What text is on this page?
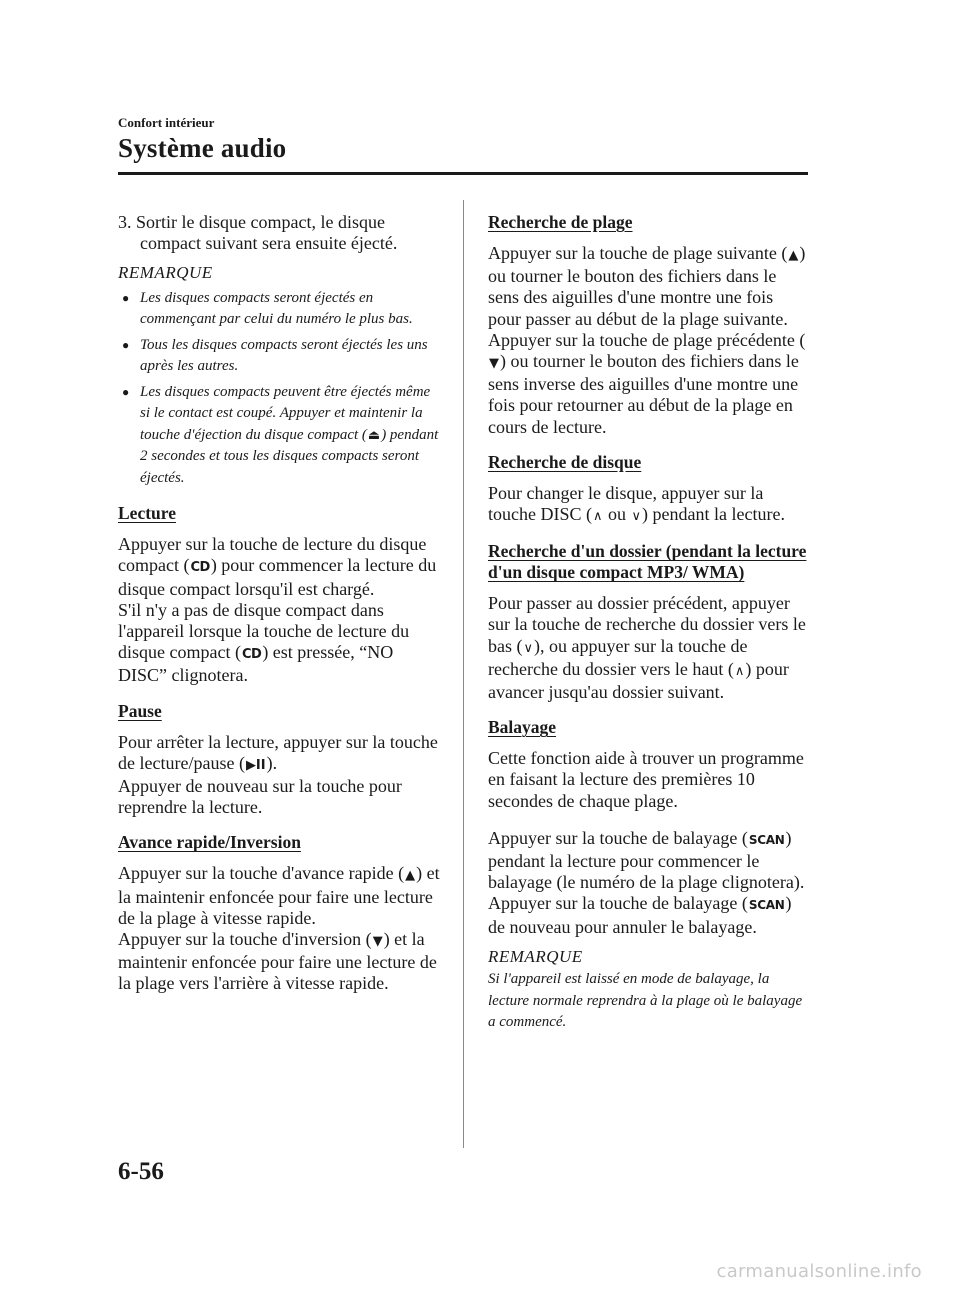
Confort intérieur
Système audio

3. Sortir le disque compact, le disque compact suivant sera ensuite éjecté.

REMARQUE

● Les disques compacts seront éjectés en commençant par celui du numéro le plus bas.
● Tous les disques compacts seront éjectés les uns après les autres.
● Les disques compacts peuvent être éjectés même si le contact est coupé. Appuyer et maintenir la touche d'éjection du disque compact (⏏) pendant 2 secondes et tous les disques compacts seront éjectés.

Lecture

Appuyer sur la touche de lecture du disque compact (CD) pour commencer la lecture du disque compact lorsqu'il est chargé.

S'il n'y a pas de disque compact dans l'appareil lorsque la touche de lecture du disque compact (CD) est pressée, “NO DISC” clignotera.

Pause

Pour arrêter la lecture, appuyer sur la touche de lecture/pause (▶II).

Appuyer de nouveau sur la touche pour reprendre la lecture.

Avance rapide/Inversion

Appuyer sur la touche d'avance rapide (▲) et la maintenir enfoncée pour faire une lecture de la plage à vitesse rapide.

Appuyer sur la touche d'inversion (▼) et la maintenir enfoncée pour faire une lecture de la plage vers l'arrière à vitesse rapide.

Recherche de plage

Appuyer sur la touche de plage suivante (▲) ou tourner le bouton des fichiers dans le sens des aiguilles d'une montre une fois pour passer au début de la plage suivante.

Appuyer sur la touche de plage précédente (▼) ou tourner le bouton des fichiers dans le sens inverse des aiguilles d'une montre une fois pour retourner au début de la plage en cours de lecture.

Recherche de disque

Pour changer le disque, appuyer sur la touche DISC (∧ ou ∨) pendant la lecture.

Recherche d'un dossier (pendant la lecture d'un disque compact MP3/ WMA)

Pour passer au dossier précédent, appuyer sur la touche de recherche du dossier vers le bas (∨), ou appuyer sur la touche de recherche du dossier vers le haut (∧) pour avancer jusqu'au dossier suivant.

Balayage

Cette fonction aide à trouver un programme en faisant la lecture des premières 10 secondes de chaque plage.

Appuyer sur la touche de balayage (SCAN) pendant la lecture pour commencer le balayage (le numéro de la plage clignotera).

Appuyer sur la touche de balayage (SCAN) de nouveau pour annuler le balayage.

REMARQUE

Si l'appareil est laissé en mode de balayage, la lecture normale reprendra à la plage où le balayage a commencé.

6-56
carmanualsonline.info
